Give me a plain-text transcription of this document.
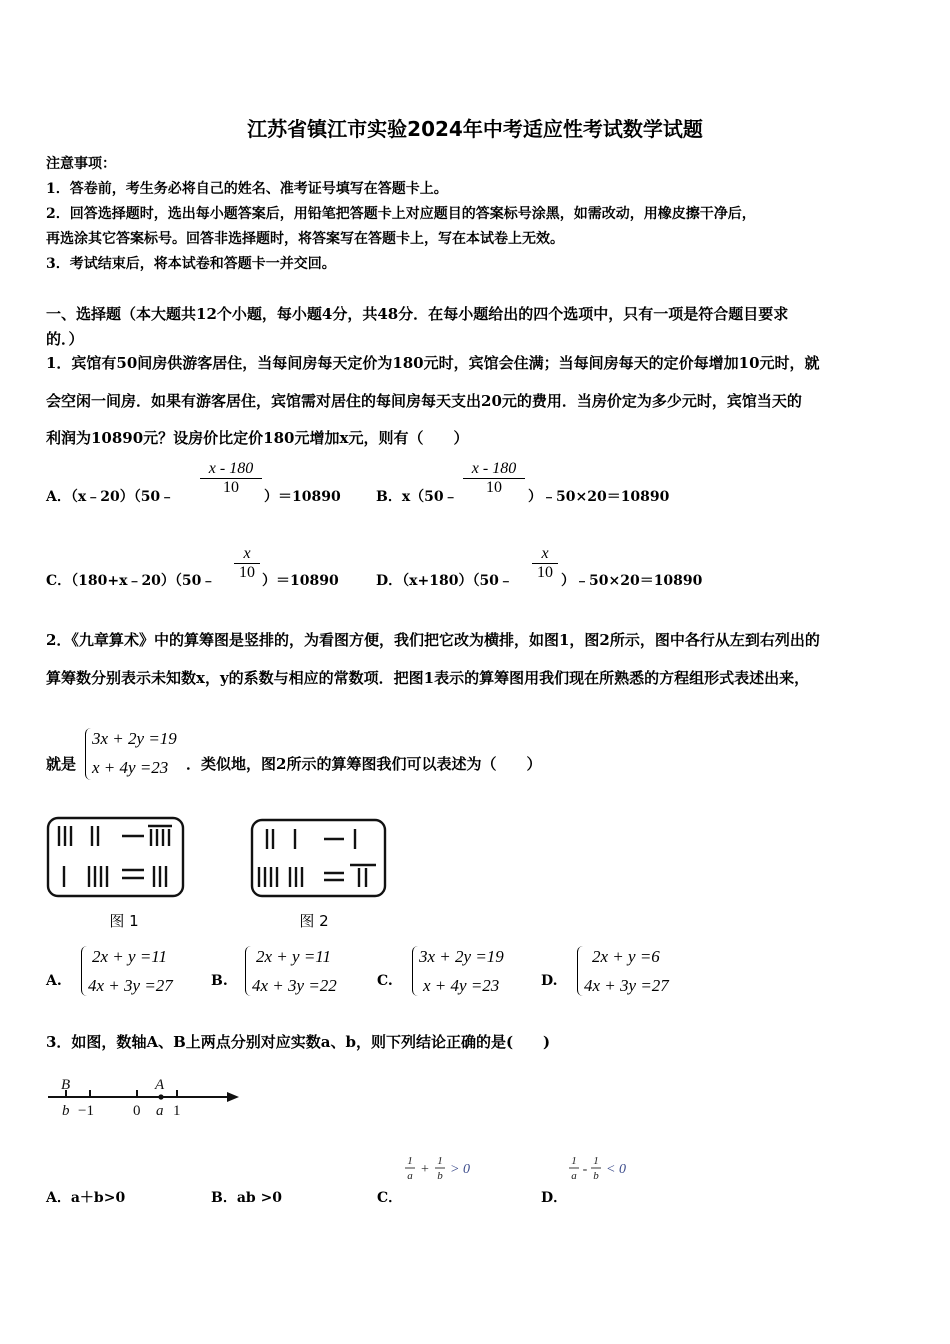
江苏省镇江市实验2024年中考适应性考试数学试题
注意事项：
1．答卷前，考生务必将自己的姓名、准考证号填写在答题卡上。
2．回答选择题时，选出每小题答案后，用铅笔把答题卡上对应题目的答案标号涂黑，如需改动，用橡皮擦干净后，
再选涂其它答案标号。回答非选择题时，将答案写在答题卡上，写在本试卷上无效。
3．考试结束后，将本试卷和答题卡一并交回。
一、选择题（本大题共12个小题，每小题4分，共48分．在每小题给出的四个选项中，只有一项是符合题目要求
的．）
1．宾馆有50间房供游客居住，当每间房每天定价为180元时，宾馆会住满；当每间房每天的定价每增加10元时，就
会空闲一间房．如果有游客居住，宾馆需对居住的每间房每天支出20元的费用．当房价定为多少元时，宾馆当天的
利润为10890元？设房价比定价180元增加x元，则有（　　）
A．（x﹣20）（50﹣
x - 180
10
）＝10890	B．x（50﹣
x - 180
10
）﹣50×20＝10890
C．（180+x﹣20）（50﹣
x
10 ）＝10890	D．（x+180）（50﹣
x
10 ）﹣50×20＝10890
2．《九章算术》中的算筹图是竖排的，为看图方便，我们把它改为横排，如图1，图2所示，图中各行从左到右列出的
算筹数分别表示未知数x，y的系数与相应的常数项．把图1表示的算筹图用我们现在所熟悉的方程组形式表述出来，
就是
3x + 2y =19
x + 4y =23	．类似地，图2所示的算筹图我们可以表述为（　　）
图 1	图 2
A.
2x + y =11
4x + 3y =27	B.
2x + y =11
4x + 3y =22	C.
3x + 2y =19
x + 4y =23	D.
2x + y =6
4x + 3y =27
3．如图，数轴A、B上两点分别对应实数a、b，则下列结论正确的是(　　)
B	A
b	a
−1	0 1
A．a＋b>0	B．ab >0	C．	D．
1
a
1
b
+ > 0
1
a
1
b
- < 0
